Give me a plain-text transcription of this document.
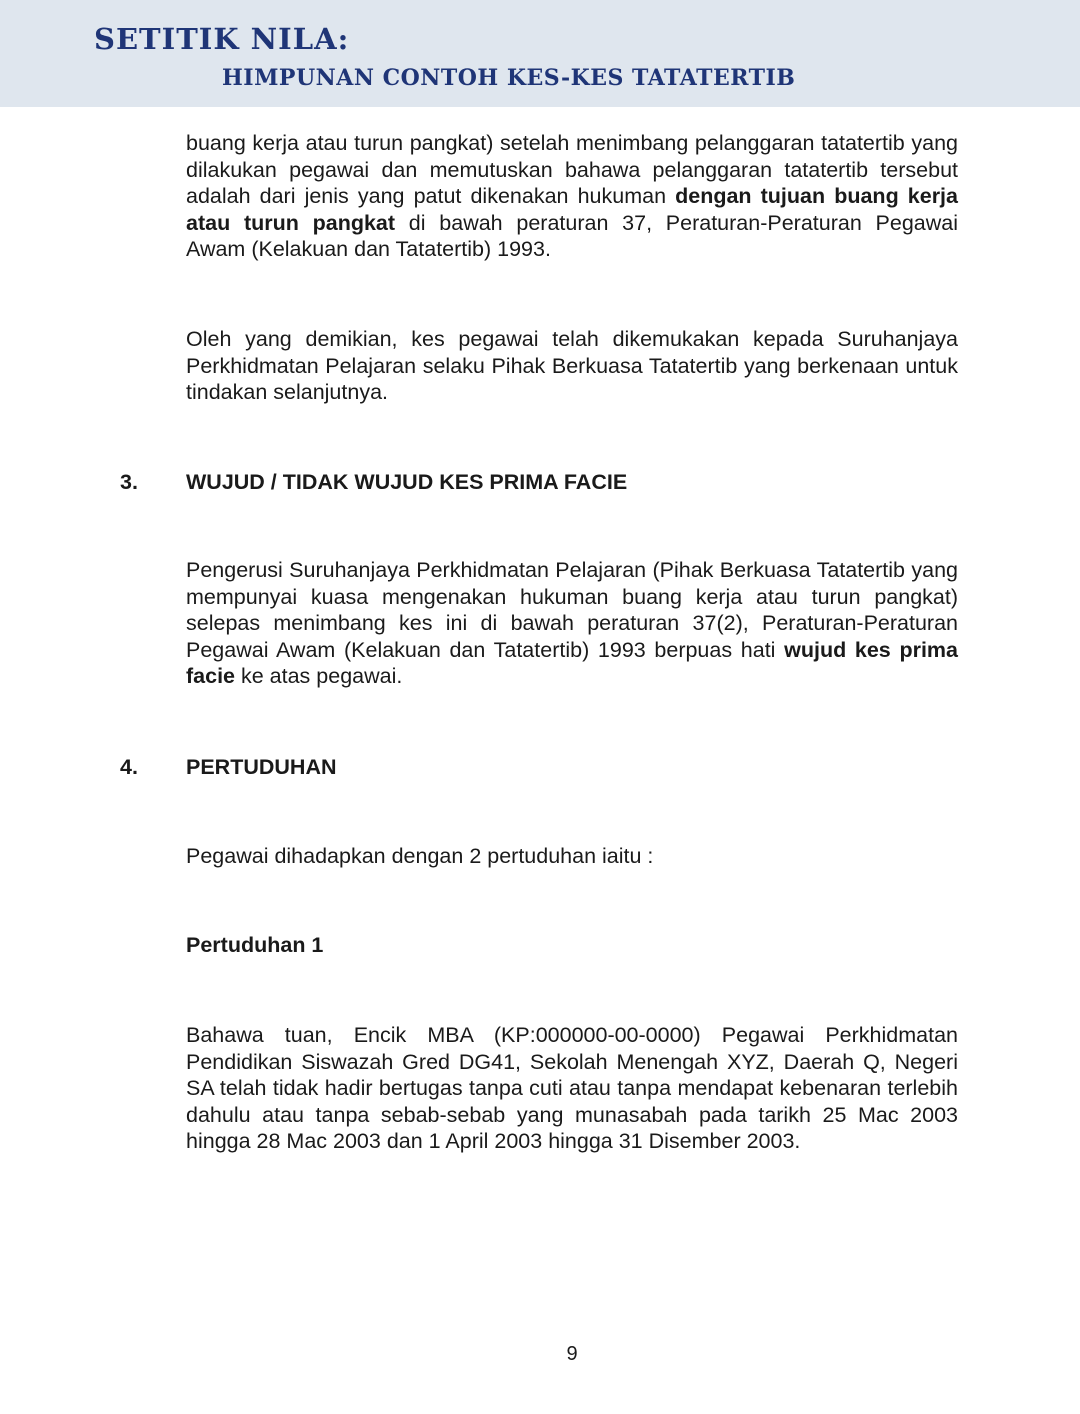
SETITIK NILA:
HIMPUNAN CONTOH KES-KES TATATERTIB

buang kerja atau turun pangkat) setelah menimbang pelanggaran tatatertib yang dilakukan pegawai dan memutuskan bahawa pelanggaran tatatertib tersebut adalah dari jenis yang patut dikenakan hukuman dengan tujuan buang kerja atau turun pangkat di bawah peraturan 37, Peraturan-Peraturan Pegawai Awam (Kelakuan dan Tatatertib) 1993.

Oleh yang demikian, kes pegawai telah dikemukakan kepada Suruhanjaya Perkhidmatan Pelajaran selaku Pihak Berkuasa Tatatertib yang berkenaan untuk tindakan selanjutnya.

3. WUJUD / TIDAK WUJUD KES PRIMA FACIE

Pengerusi Suruhanjaya Perkhidmatan Pelajaran (Pihak Berkuasa Tatatertib yang mempunyai kuasa mengenakan hukuman buang kerja atau turun pangkat) selepas menimbang kes ini di bawah peraturan 37(2), Peraturan-Peraturan Pegawai Awam (Kelakuan dan Tatatertib) 1993 berpuas hati wujud kes prima facie ke atas pegawai.

4. PERTUDUHAN

Pegawai dihadapkan dengan 2 pertuduhan iaitu :

Pertuduhan 1

Bahawa tuan, Encik MBA (KP:000000-00-0000) Pegawai Perkhidmatan Pendidikan Siswazah Gred DG41, Sekolah Menengah XYZ, Daerah Q, Negeri SA telah tidak hadir bertugas tanpa cuti atau tanpa mendapat kebenaran terlebih dahulu atau tanpa sebab-sebab yang munasabah pada tarikh 25 Mac 2003 hingga 28 Mac 2003 dan 1 April 2003 hingga 31 Disember 2003.

9
